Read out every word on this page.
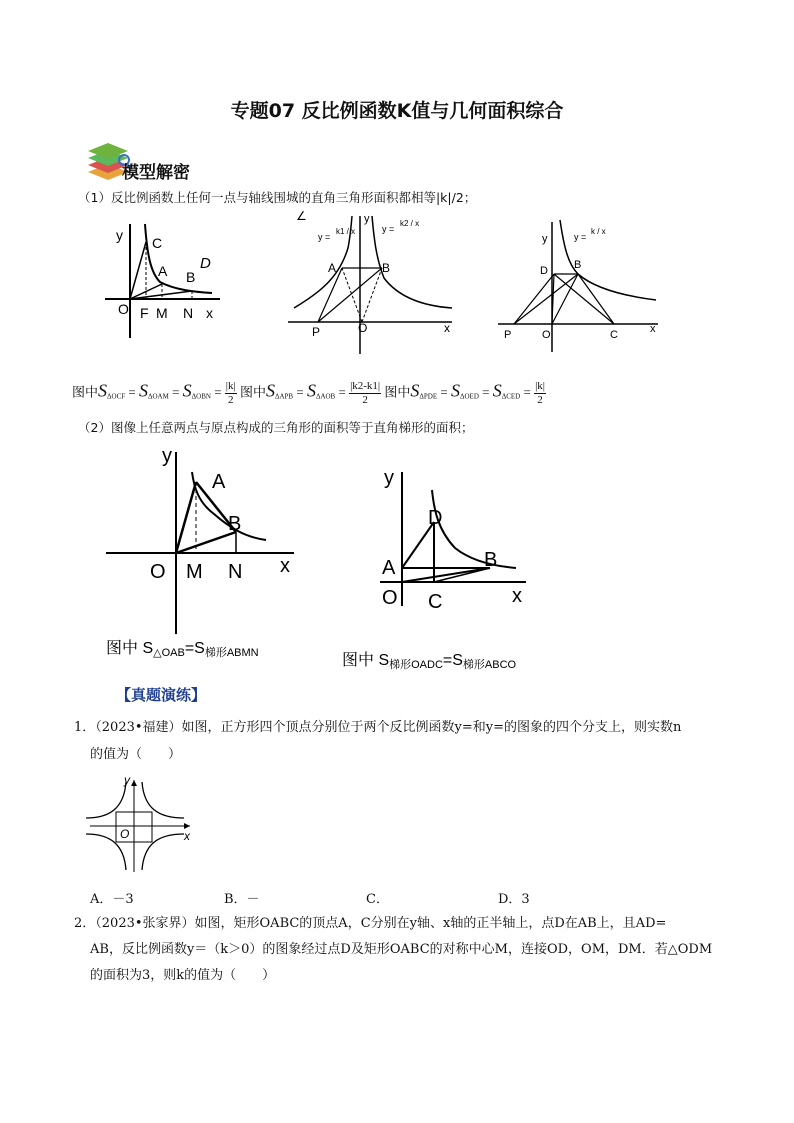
专题07 反比例函数K值与几何面积综合
模型解密
（1）反比例函数上任何一点与轴线围城的直角三角形面积都相等|k|/2；
y C
A D
B
O F M N x
∠	y
y =
k1 / x	y =
k2 / x
A	B
P	O	x
y	y =
k / x
D B
P	O	C	x
图中$S_{\Delta OCF} = S_{\Delta OAM} = S_{\Delta OBN} = \frac{|k|}{2}$ 图中$S_{\Delta APB} = S_{\Delta AOB} = \frac{|k2-k1|}{2}$ 图中$S_{\Delta PDE} = S_{\Delta OED} = S_{\Delta CED} = \frac{|k|}{2}$
（2）图像上任意两点与原点构成的三角形的面积等于直角梯形的面积；
y
A
B
O M N x
图中 S△OAB=S梯形ABMN
y
D
B
A
O C	x
图中 S梯形OADC=S梯形ABCO
【真题演练】
1．（2023•福建）如图，正方形四个顶点分别位于两个反比例函数y=和y=的图象的四个分支上，则实数n
的值为（　　）
y
O	x
A．－3	B．－	C．	D．3
2．（2023•张家界）如图，矩形OABC的顶点A，C分别在y轴、x轴的正半轴上，点D在AB上，且AD=
AB，反比例函数y＝（k＞0）的图象经过点D及矩形OABC的对称中心M，连接OD，OM，DM．若△ODM
的面积为3，则k的值为（　　）
